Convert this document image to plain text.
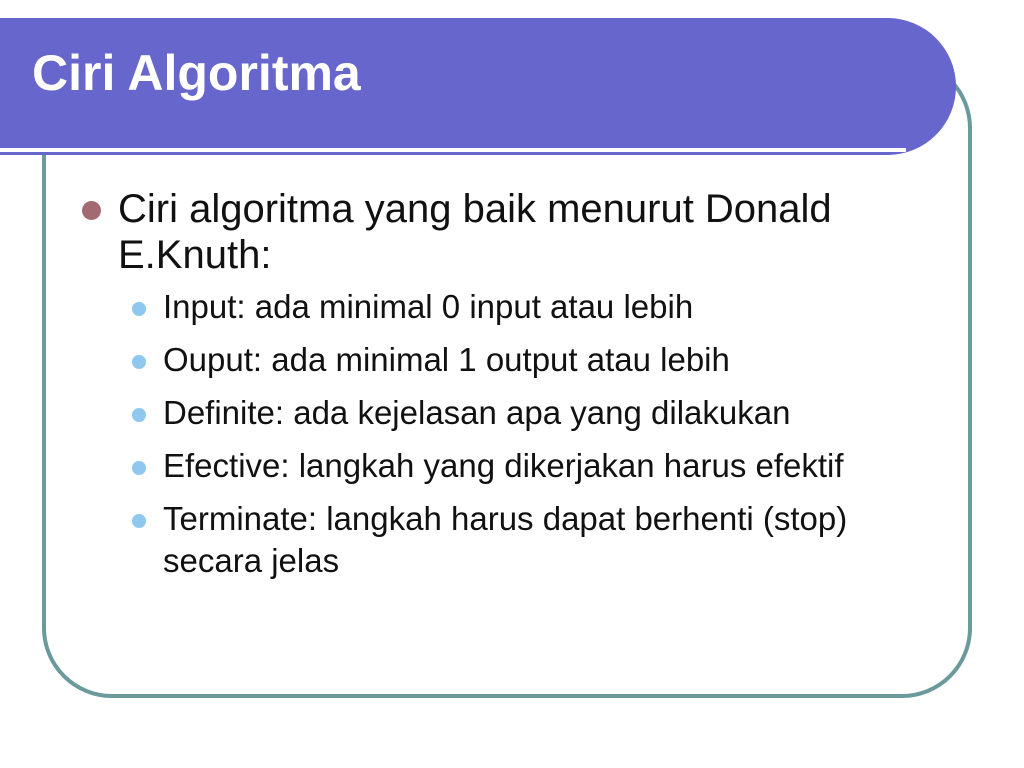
Ciri Algoritma

Ciri algoritma yang baik menurut Donald E.Knuth:

Input: ada minimal 0 input atau lebih
Ouput: ada minimal 1 output atau lebih
Definite: ada kejelasan apa yang dilakukan
Efective: langkah yang dikerjakan harus efektif
Terminate: langkah harus dapat berhenti (stop) secara jelas
